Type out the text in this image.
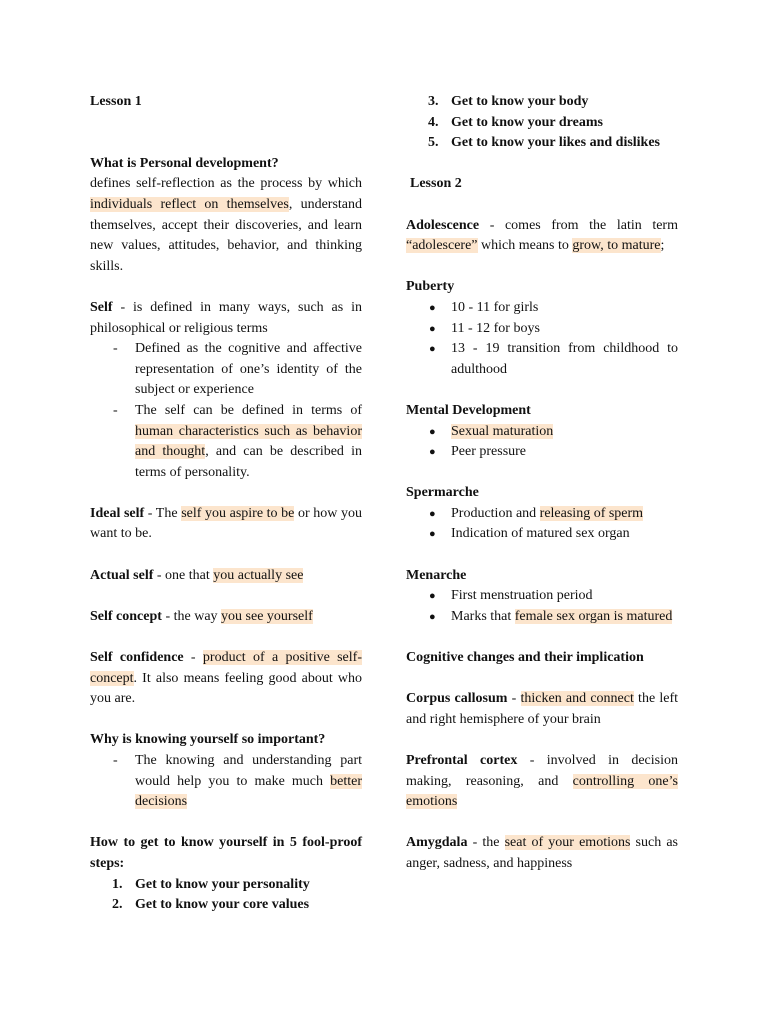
Lesson 1

What is Personal development?

defines self-reflection as the process by which individuals reflect on themselves, understand themselves, accept their discoveries, and learn new values, attitudes, behavior, and thinking skills.

Self - is defined in many ways, such as in philosophical or religious terms

- Defined as the cognitive and affective representation of one’s identity of the subject or experience
- The self can be defined in terms of human characteristics such as behavior and thought, and can be described in terms of personality.

Ideal self - The self you aspire to be or how you want to be.

Actual self - one that you actually see

Self concept - the way you see yourself

Self confidence - product of a positive self-concept. It also means feeling good about who you are.

Why is knowing yourself so important?

- The knowing and understanding part would help you to make much better decisions

How to get to know yourself in 5 fool-proof steps:

1. Get to know your personality
2. Get to know your core values
3. Get to know your body
4. Get to know your dreams
5. Get to know your likes and dislikes

Lesson 2

Adolescence - comes from the latin term “adolescere” which means to grow, to mature;

Puberty

● 10 - 11 for girls
● 11 - 12 for boys
● 13 - 19 transition from childhood to adulthood

Mental Development

● Sexual maturation
● Peer pressure

Spermarche

● Production and releasing of sperm
● Indication of matured sex organ

Menarche

● First menstruation period
● Marks that female sex organ is matured

Cognitive changes and their implication

Corpus callosum - thicken and connect the left and right hemisphere of your brain

Prefrontal cortex - involved in decision making, reasoning, and controlling one’s emotions

Amygdala - the seat of your emotions such as anger, sadness, and happiness
